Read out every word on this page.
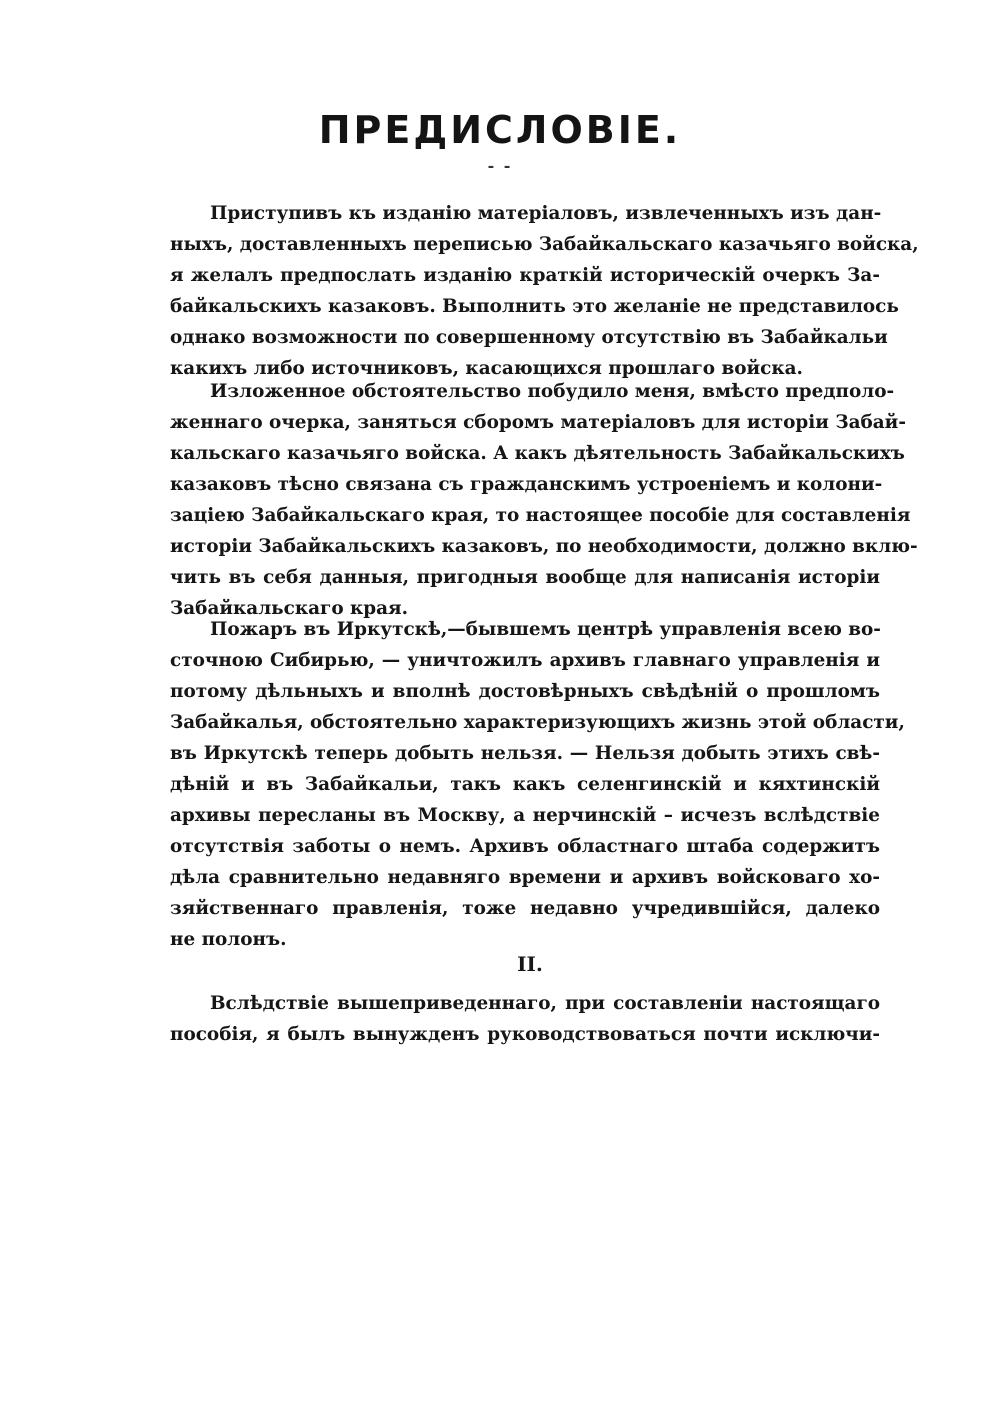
ПРЕДИСЛОВІЕ.
- -
Приступивъ къ изданію матеріаловъ, извлеченныхъ изъ дан-
ныхъ, доставленныхъ переписью Забайкальскаго казачьяго войска,
я желалъ предпослать изданію краткій историческій очеркъ За-
байкальскихъ казаковъ. Выполнить это желаніе не представилось
однако возможности по совершенному отсутствію въ Забайкальи
какихъ либо источниковъ, касающихся прошлаго войска.
Изложенное обстоятельство побудило меня, вмѣсто предполо-
женнаго очерка, заняться сборомъ матеріаловъ для исторіи Забай-
кальскаго казачьяго войска. А какъ дѣятельность Забайкальскихъ
казаковъ тѣсно связана съ гражданскимъ устроеніемъ и колони-
заціею Забайкальскаго края, то настоящее пособіе для составленія
исторіи Забайкальскихъ казаковъ, по необходимости, должно вклю-
чить въ себя данныя, пригодныя вообще для написанія исторіи
Забайкальскаго края.
Пожаръ въ Иркутскѣ,—бывшемъ центрѣ управленія всею во-
сточною Сибирью, — уничтожилъ архивъ главнаго управленія и
потому дѣльныхъ и вполнѣ достовѣрныхъ свѣдѣній о прошломъ
Забайкалья, обстоятельно характеризующихъ жизнь этой области,
въ Иркутскѣ теперь добыть нельзя. — Нельзя добыть этихъ свѣ-
дѣній и въ Забайкальи, такъ какъ селенгинскій и кяхтинскій
архивы пересланы въ Москву, а нерчинскій – исчезъ вслѣдствіе
отсутствія заботы о немъ. Архивъ областнаго штаба содержитъ
дѣла сравнительно недавняго времени и архивъ войсковаго хо-
зяйственнаго правленія, тоже недавно учредившійся, далеко
не полонъ.
II.
Вслѣдствіе вышеприведеннаго, при составленіи настоящаго
пособія, я былъ вынужденъ руководствоваться почти исключи-
